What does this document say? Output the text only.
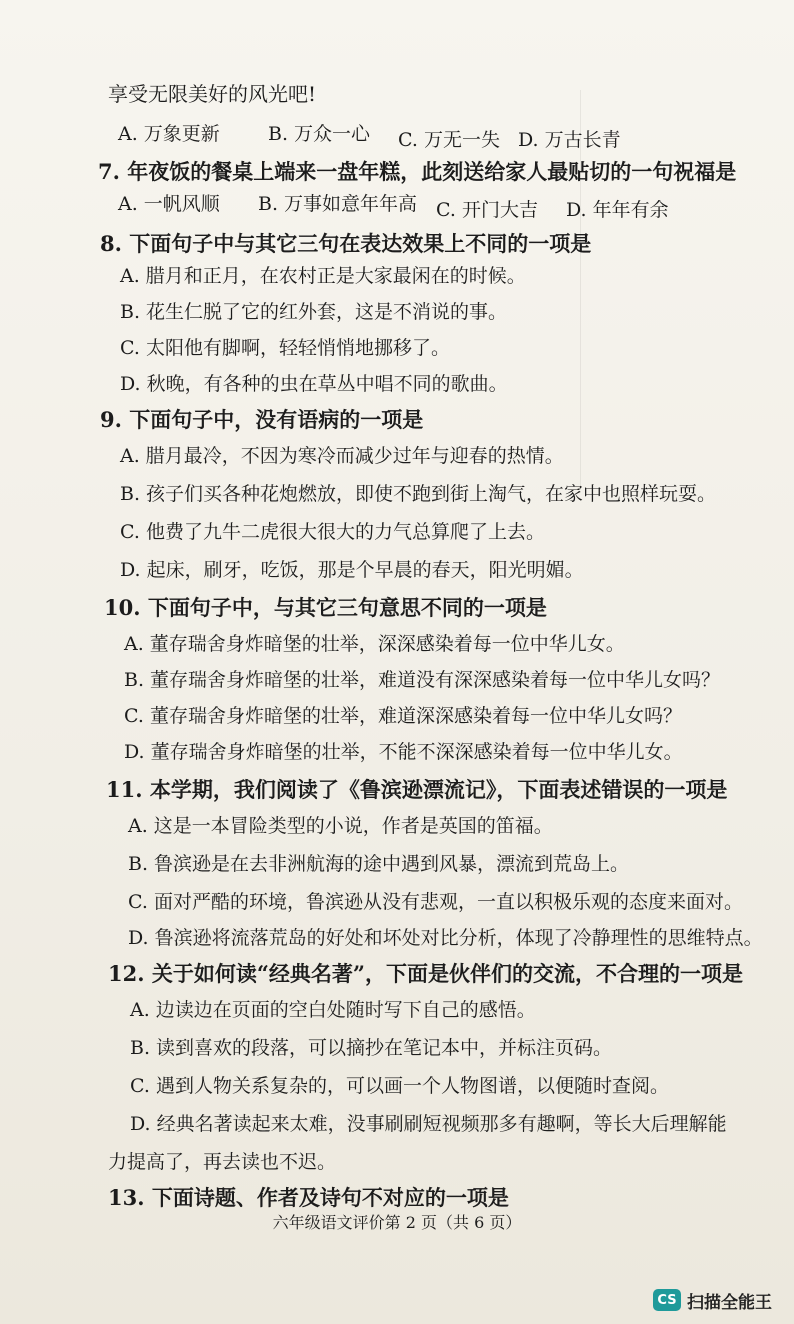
享受无限美好的风光吧!
A. 万象更新	B. 万众一心 C. 万无一失 D. 万古长青
7. 年夜饭的餐桌上端来一盘年糕，此刻送给家人最贴切的一句祝福是
A. 一帆风顺 B. 万事如意年年高 C. 开门大吉 D. 年年有余
8. 下面句子中与其它三句在表达效果上不同的一项是
A. 腊月和正月，在农村正是大家最闲在的时候。
B. 花生仁脱了它的红外套，这是不消说的事。
C. 太阳他有脚啊，轻轻悄悄地挪移了。
D. 秋晚，有各种的虫在草丛中唱不同的歌曲。
9. 下面句子中，没有语病的一项是
A. 腊月最冷，不因为寒冷而减少过年与迎春的热情。
B. 孩子们买各种花炮燃放，即使不跑到街上淘气，在家中也照样玩耍。
C. 他费了九牛二虎很大很大的力气总算爬了上去。
D. 起床，刷牙，吃饭，那是个早晨的春天，阳光明媚。
10. 下面句子中，与其它三句意思不同的一项是
A. 董存瑞舍身炸暗堡的壮举，深深感染着每一位中华儿女。
B. 董存瑞舍身炸暗堡的壮举，难道没有深深感染着每一位中华儿女吗？
C. 董存瑞舍身炸暗堡的壮举，难道深深感染着每一位中华儿女吗？
D. 董存瑞舍身炸暗堡的壮举，不能不深深感染着每一位中华儿女。
11. 本学期，我们阅读了《鲁滨逊漂流记》，下面表述错误的一项是
A. 这是一本冒险类型的小说，作者是英国的笛福。
B. 鲁滨逊是在去非洲航海的途中遇到风暴，漂流到荒岛上。
C. 面对严酷的环境，鲁滨逊从没有悲观，一直以积极乐观的态度来面对。
D. 鲁滨逊将流落荒岛的好处和坏处对比分析，体现了冷静理性的思维特点。
12. 关于如何读“经典名著”，下面是伙伴们的交流，不合理的一项是
A. 边读边在页面的空白处随时写下自己的感悟。
B. 读到喜欢的段落，可以摘抄在笔记本中，并标注页码。
C. 遇到人物关系复杂的，可以画一个人物图谱，以便随时查阅。
D. 经典名著读起来太难，没事刷刷短视频那多有趣啊，等长大后理解能
力提高了，再去读也不迟。
13. 下面诗题、作者及诗句不对应的一项是
六年级语文评价第 2 页（共 6 页）
CS 扫描全能王
